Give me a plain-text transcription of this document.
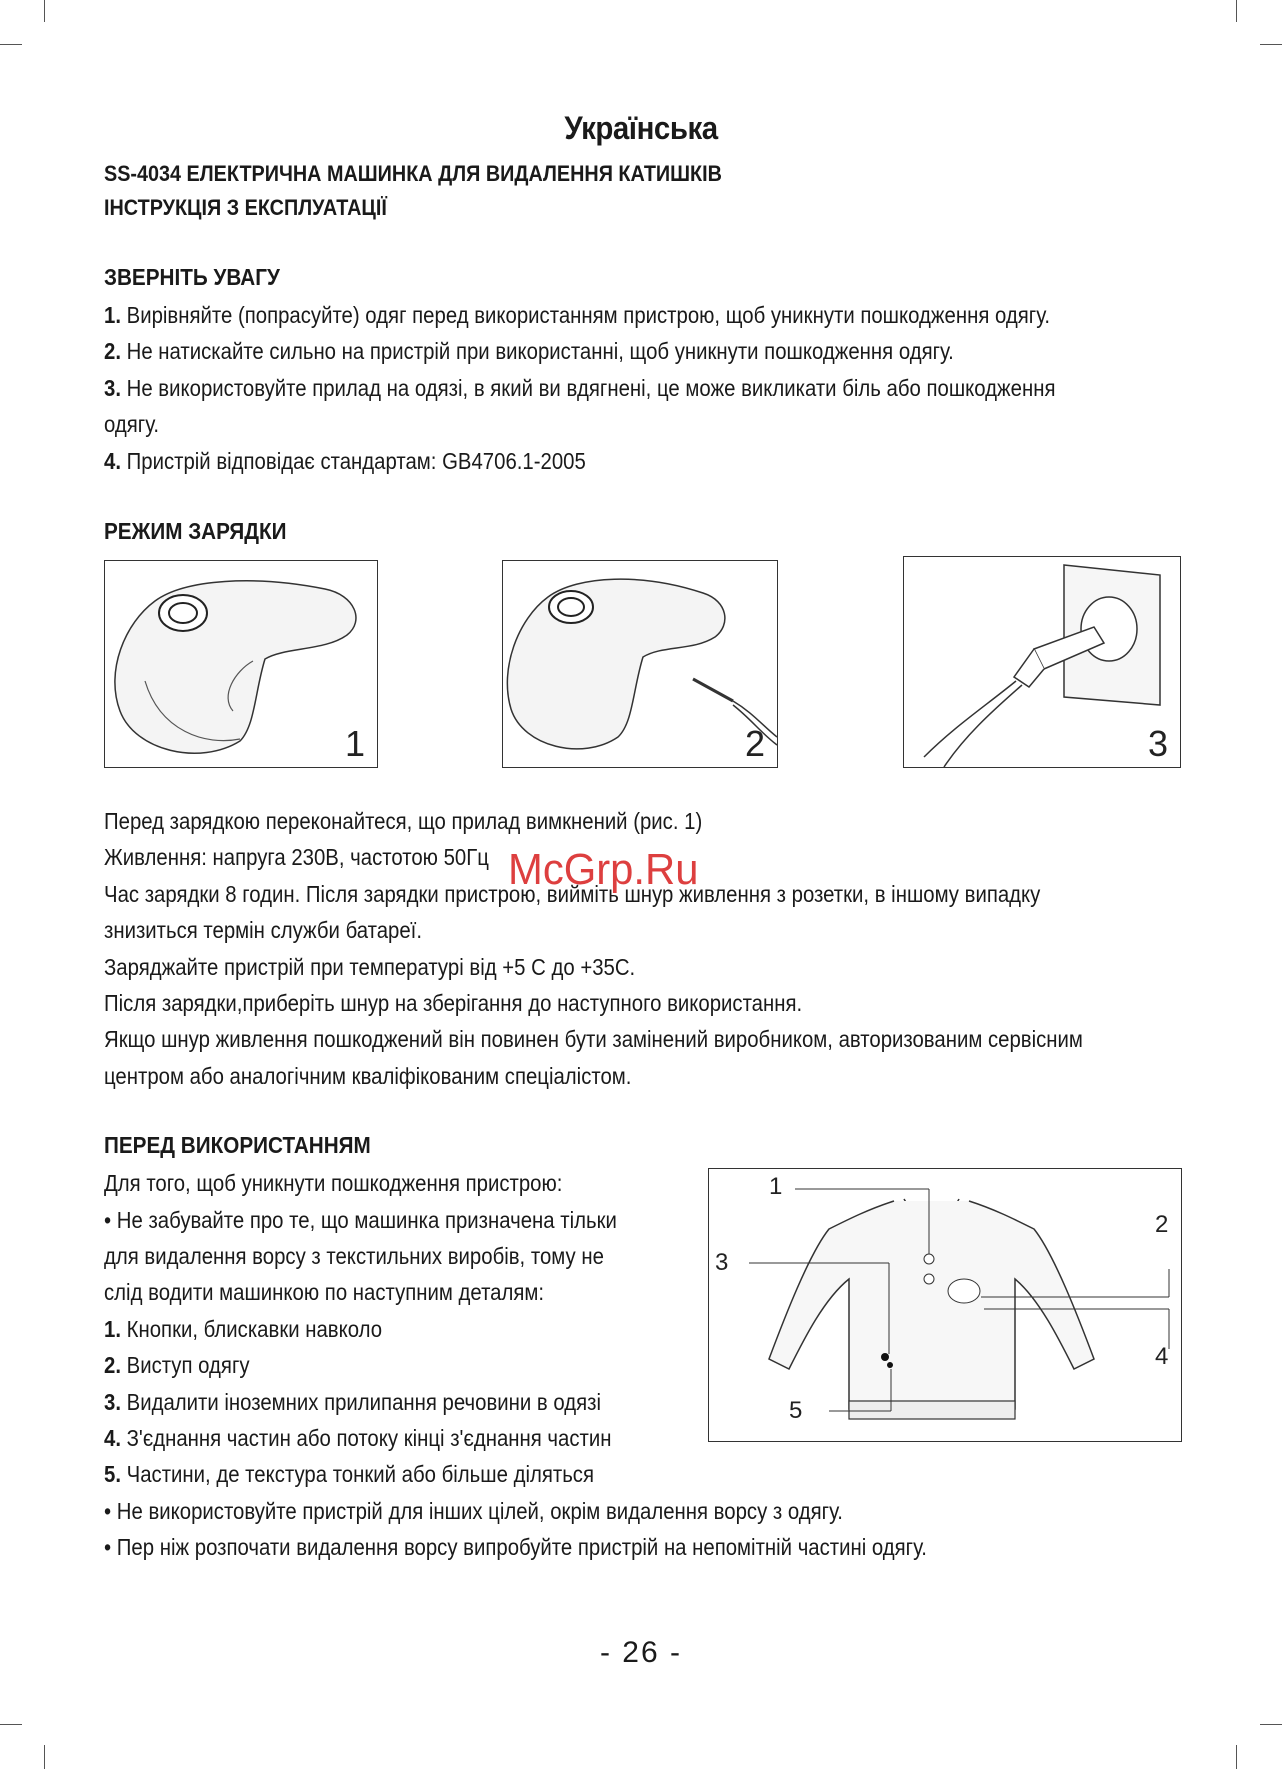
Українська
SS-4034 ЕЛЕКТРИЧНА МАШИНКА ДЛЯ ВИДАЛЕННЯ КАТИШКІВ
ІНСТРУКЦІЯ З ЕКСПЛУАТАЦІЇ
ЗВЕРНІТЬ УВАГУ
1. Вирівняйте (попрасуйте) одяг перед використанням пристрою, щоб уникнути пошкодження одягу.
2. Не натискайте сильно на пристрій при використанні, щоб уникнути пошкодження одягу.
3. Не використовуйте прилад на одязі, в який ви вдягнені, це може викликати біль або пошкодження
одягу.
4. Пристрій відповідає стандартам: GB4706.1-2005
РЕЖИМ ЗАРЯДКИ
1	2	3
Перед зарядкою переконайтеся, що прилад вимкнений (рис. 1)
Живлення: напруга 230В, частотою 50Гц
Час зарядки 8 годин. Після зарядки пристрою, вийміть шнур живлення з розетки, в іншому випадку
знизиться термін служби батареї.
Заряджайте пристрій при температурі від +5 С до +35С.
Після зарядки,приберіть шнур на зберігання до наступного використання.
Якщо шнур живлення пошкоджений він повинен бути замінений виробником, авторизованим сервісним
центром або аналогічним кваліфікованим спеціалістом.
McGrp.Ru
ПЕРЕД ВИКОРИСТАННЯМ
Для того, щоб уникнути пошкодження пристрою:
• Не забувайте про те, що машинка призначена тільки
для видалення ворсу з текстильних виробів, тому не
слід водити машинкою по наступним деталям:
1. Кнопки, блискавки навколо
2. Виступ одягу
3. Видалити іноземних прилипання речовини в одязі
4. З'єднання частин або потоку кінці з'єднання частин
5. Частини, де текстура тонкий або більше діляться
• Не використовуйте пристрій для інших цілей, окрім видалення ворсу з одягу.
• Пер ніж розпочати видалення ворсу випробуйте пристрій на непомітній частині одягу.
1
2
3
4
5
- 26 -
